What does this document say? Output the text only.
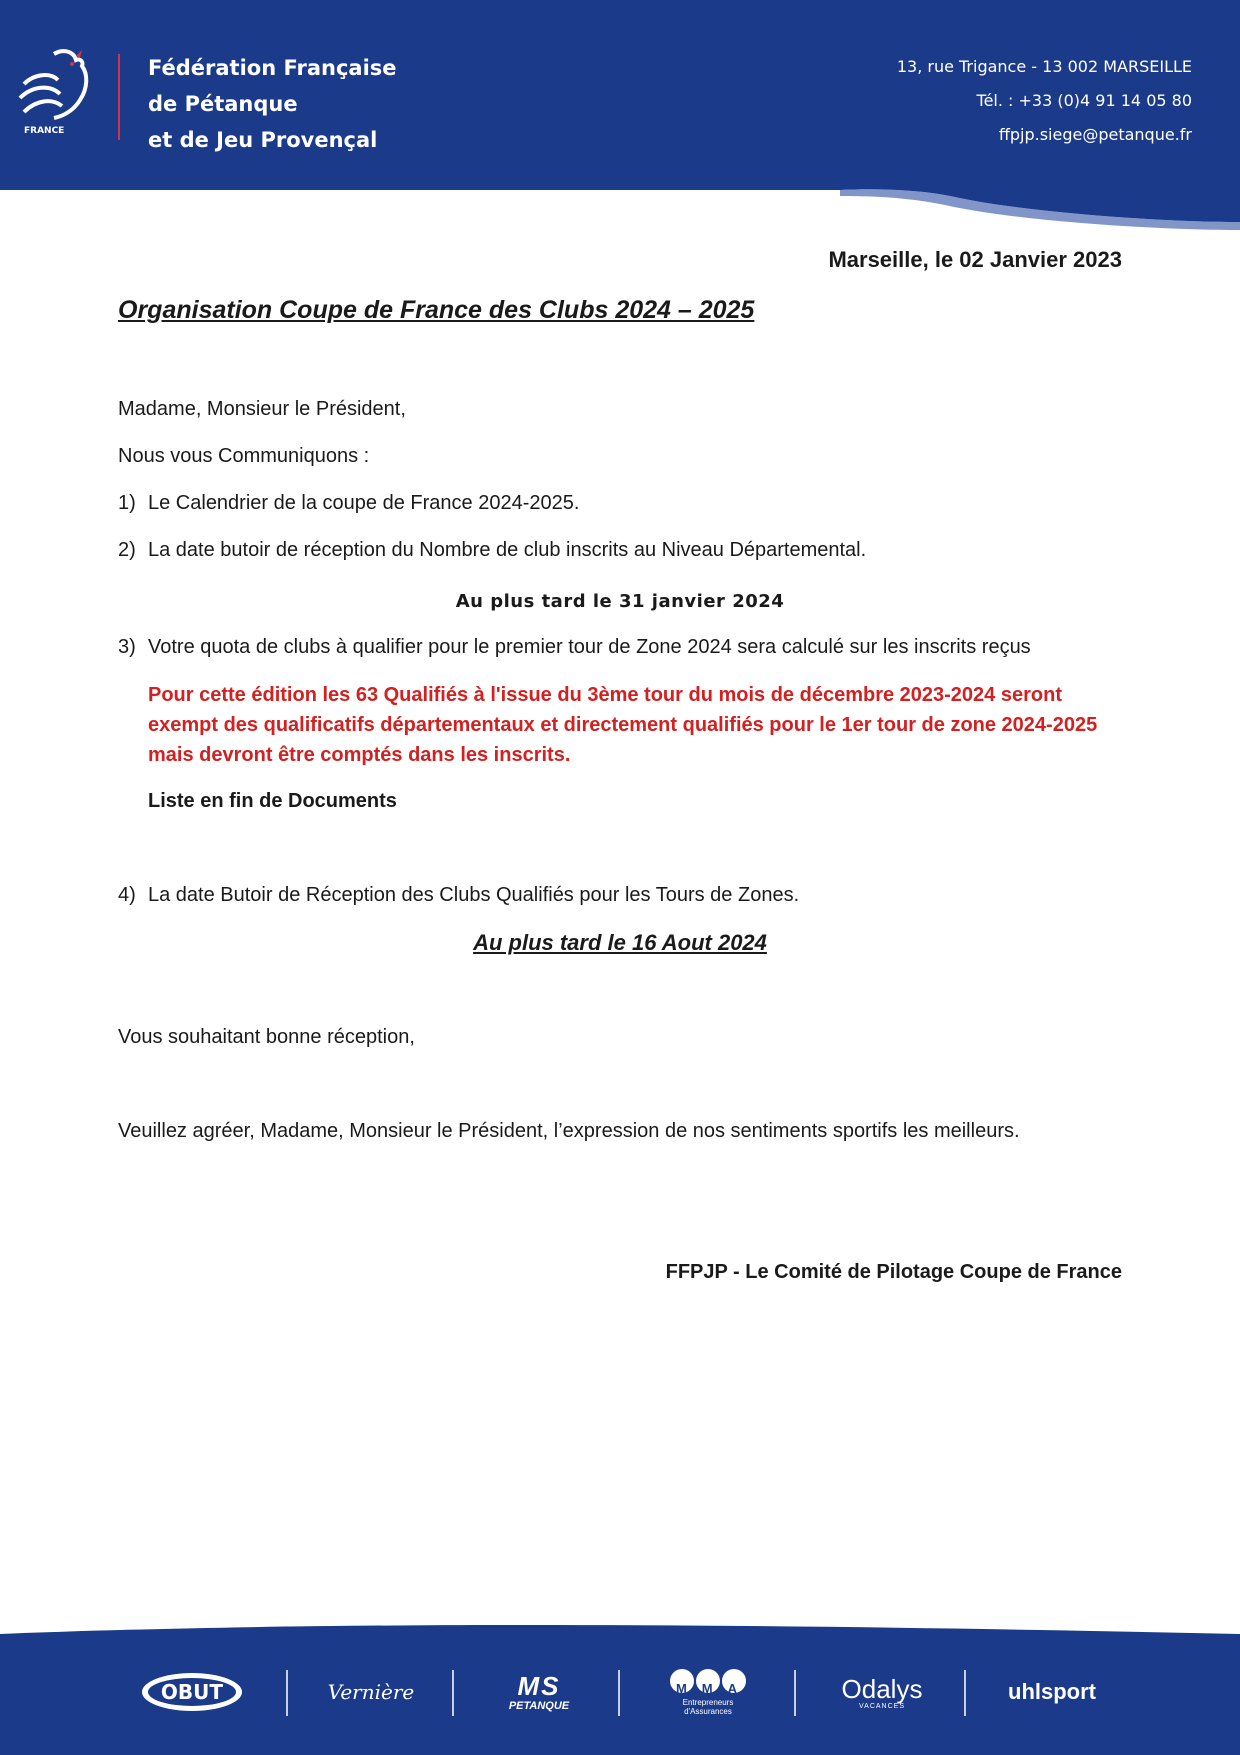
FRANCE
Fédération Française
de Pétanque
et de Jeu Provençal
13, rue Trigance - 13 002 MARSEILLE
Tél. : +33 (0)4 91 14 05 80
ffpjp.siege@petanque.fr
Marseille, le 02 Janvier 2023
Organisation Coupe de France des Clubs 2024 – 2025
Madame, Monsieur le Président,
Nous vous Communiquons :
1) Le Calendrier de la coupe de France 2024-2025.
2) La date butoir de réception du Nombre de club inscrits au Niveau Départemental.
Au plus tard le 31 janvier 2024
3) Votre quota de clubs à qualifier pour le premier tour de Zone 2024 sera calculé sur les inscrits reçus
Pour cette édition les 63 Qualifiés à l'issue du 3ème tour du mois de décembre 2023-2024 seront exempt des qualificatifs départementaux et directement qualifiés pour le 1er tour de zone 2024-2025 mais devront être comptés dans les inscrits.
Liste en fin de Documents
4) La date Butoir de Réception des Clubs Qualifiés pour les Tours de Zones.
Au plus tard le 16 Aout 2024
Vous souhaitant bonne réception,
Veuillez agréer, Madame, Monsieur le Président, l’expression de nos sentiments sportifs les meilleurs.
FFPJP - Le Comité de Pilotage Coupe de France
OBUT	Vernière	MS
PETANQUE
MMA
Entrepreneurs d'Assurances
Odalys
VACANCES
uhlsport
